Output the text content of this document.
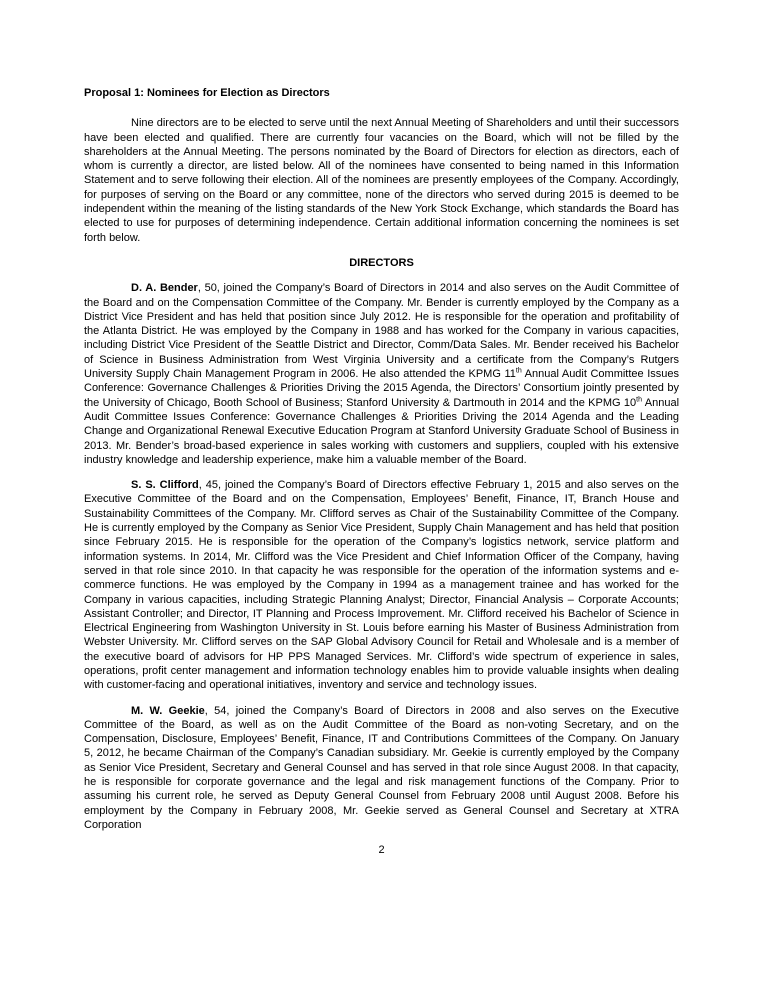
Proposal 1: Nominees for Election as Directors

Nine directors are to be elected to serve until the next Annual Meeting of Shareholders and until their successors have been elected and qualified. There are currently four vacancies on the Board, which will not be filled by the shareholders at the Annual Meeting. The persons nominated by the Board of Directors for election as directors, each of whom is currently a director, are listed below. All of the nominees have consented to being named in this Information Statement and to serve following their election. All of the nominees are presently employees of the Company. Accordingly, for purposes of serving on the Board or any committee, none of the directors who served during 2015 is deemed to be independent within the meaning of the listing standards of the New York Stock Exchange, which standards the Board has elected to use for purposes of determining independence. Certain additional information concerning the nominees is set forth below.

DIRECTORS

D. A. Bender, 50, joined the Company’s Board of Directors in 2014 and also serves on the Audit Committee of the Board and on the Compensation Committee of the Company. Mr. Bender is currently employed by the Company as a District Vice President and has held that position since July 2012. He is responsible for the operation and profitability of the Atlanta District. He was employed by the Company in 1988 and has worked for the Company in various capacities, including District Vice President of the Seattle District and Director, Comm/Data Sales. Mr. Bender received his Bachelor of Science in Business Administration from West Virginia University and a certificate from the Company’s Rutgers University Supply Chain Management Program in 2006. He also attended the KPMG 11th Annual Audit Committee Issues Conference: Governance Challenges & Priorities Driving the 2015 Agenda, the Directors’ Consortium jointly presented by the University of Chicago, Booth School of Business; Stanford University & Dartmouth in 2014 and the KPMG 10th Annual Audit Committee Issues Conference: Governance Challenges & Priorities Driving the 2014 Agenda and the Leading Change and Organizational Renewal Executive Education Program at Stanford University Graduate School of Business in 2013. Mr. Bender’s broad-based experience in sales working with customers and suppliers, coupled with his extensive industry knowledge and leadership experience, make him a valuable member of the Board.

S. S. Clifford, 45, joined the Company’s Board of Directors effective February 1, 2015 and also serves on the Executive Committee of the Board and on the Compensation, Employees’ Benefit, Finance, IT, Branch House and Sustainability Committees of the Company. Mr. Clifford serves as Chair of the Sustainability Committee of the Company. He is currently employed by the Company as Senior Vice President, Supply Chain Management and has held that position since February 2015. He is responsible for the operation of the Company’s logistics network, service platform and information systems. In 2014, Mr. Clifford was the Vice President and Chief Information Officer of the Company, having served in that role since 2010. In that capacity he was responsible for the operation of the information systems and e-commerce functions. He was employed by the Company in 1994 as a management trainee and has worked for the Company in various capacities, including Strategic Planning Analyst; Director, Financial Analysis – Corporate Accounts; Assistant Controller; and Director, IT Planning and Process Improvement. Mr. Clifford received his Bachelor of Science in Electrical Engineering from Washington University in St. Louis before earning his Master of Business Administration from Webster University. Mr. Clifford serves on the SAP Global Advisory Council for Retail and Wholesale and is a member of the executive board of advisors for HP PPS Managed Services. Mr. Clifford’s wide spectrum of experience in sales, operations, profit center management and information technology enables him to provide valuable insights when dealing with customer-facing and operational initiatives, inventory and service and technology issues.

M. W. Geekie, 54, joined the Company’s Board of Directors in 2008 and also serves on the Executive Committee of the Board, as well as on the Audit Committee of the Board as non-voting Secretary, and on the Compensation, Disclosure, Employees’ Benefit, Finance, IT and Contributions Committees of the Company. On January 5, 2012, he became Chairman of the Company’s Canadian subsidiary. Mr. Geekie is currently employed by the Company as Senior Vice President, Secretary and General Counsel and has served in that role since August 2008. In that capacity, he is responsible for corporate governance and the legal and risk management functions of the Company. Prior to assuming his current role, he served as Deputy General Counsel from February 2008 until August 2008. Before his employment by the Company in February 2008, Mr. Geekie served as General Counsel and Secretary at XTRA Corporation

2
